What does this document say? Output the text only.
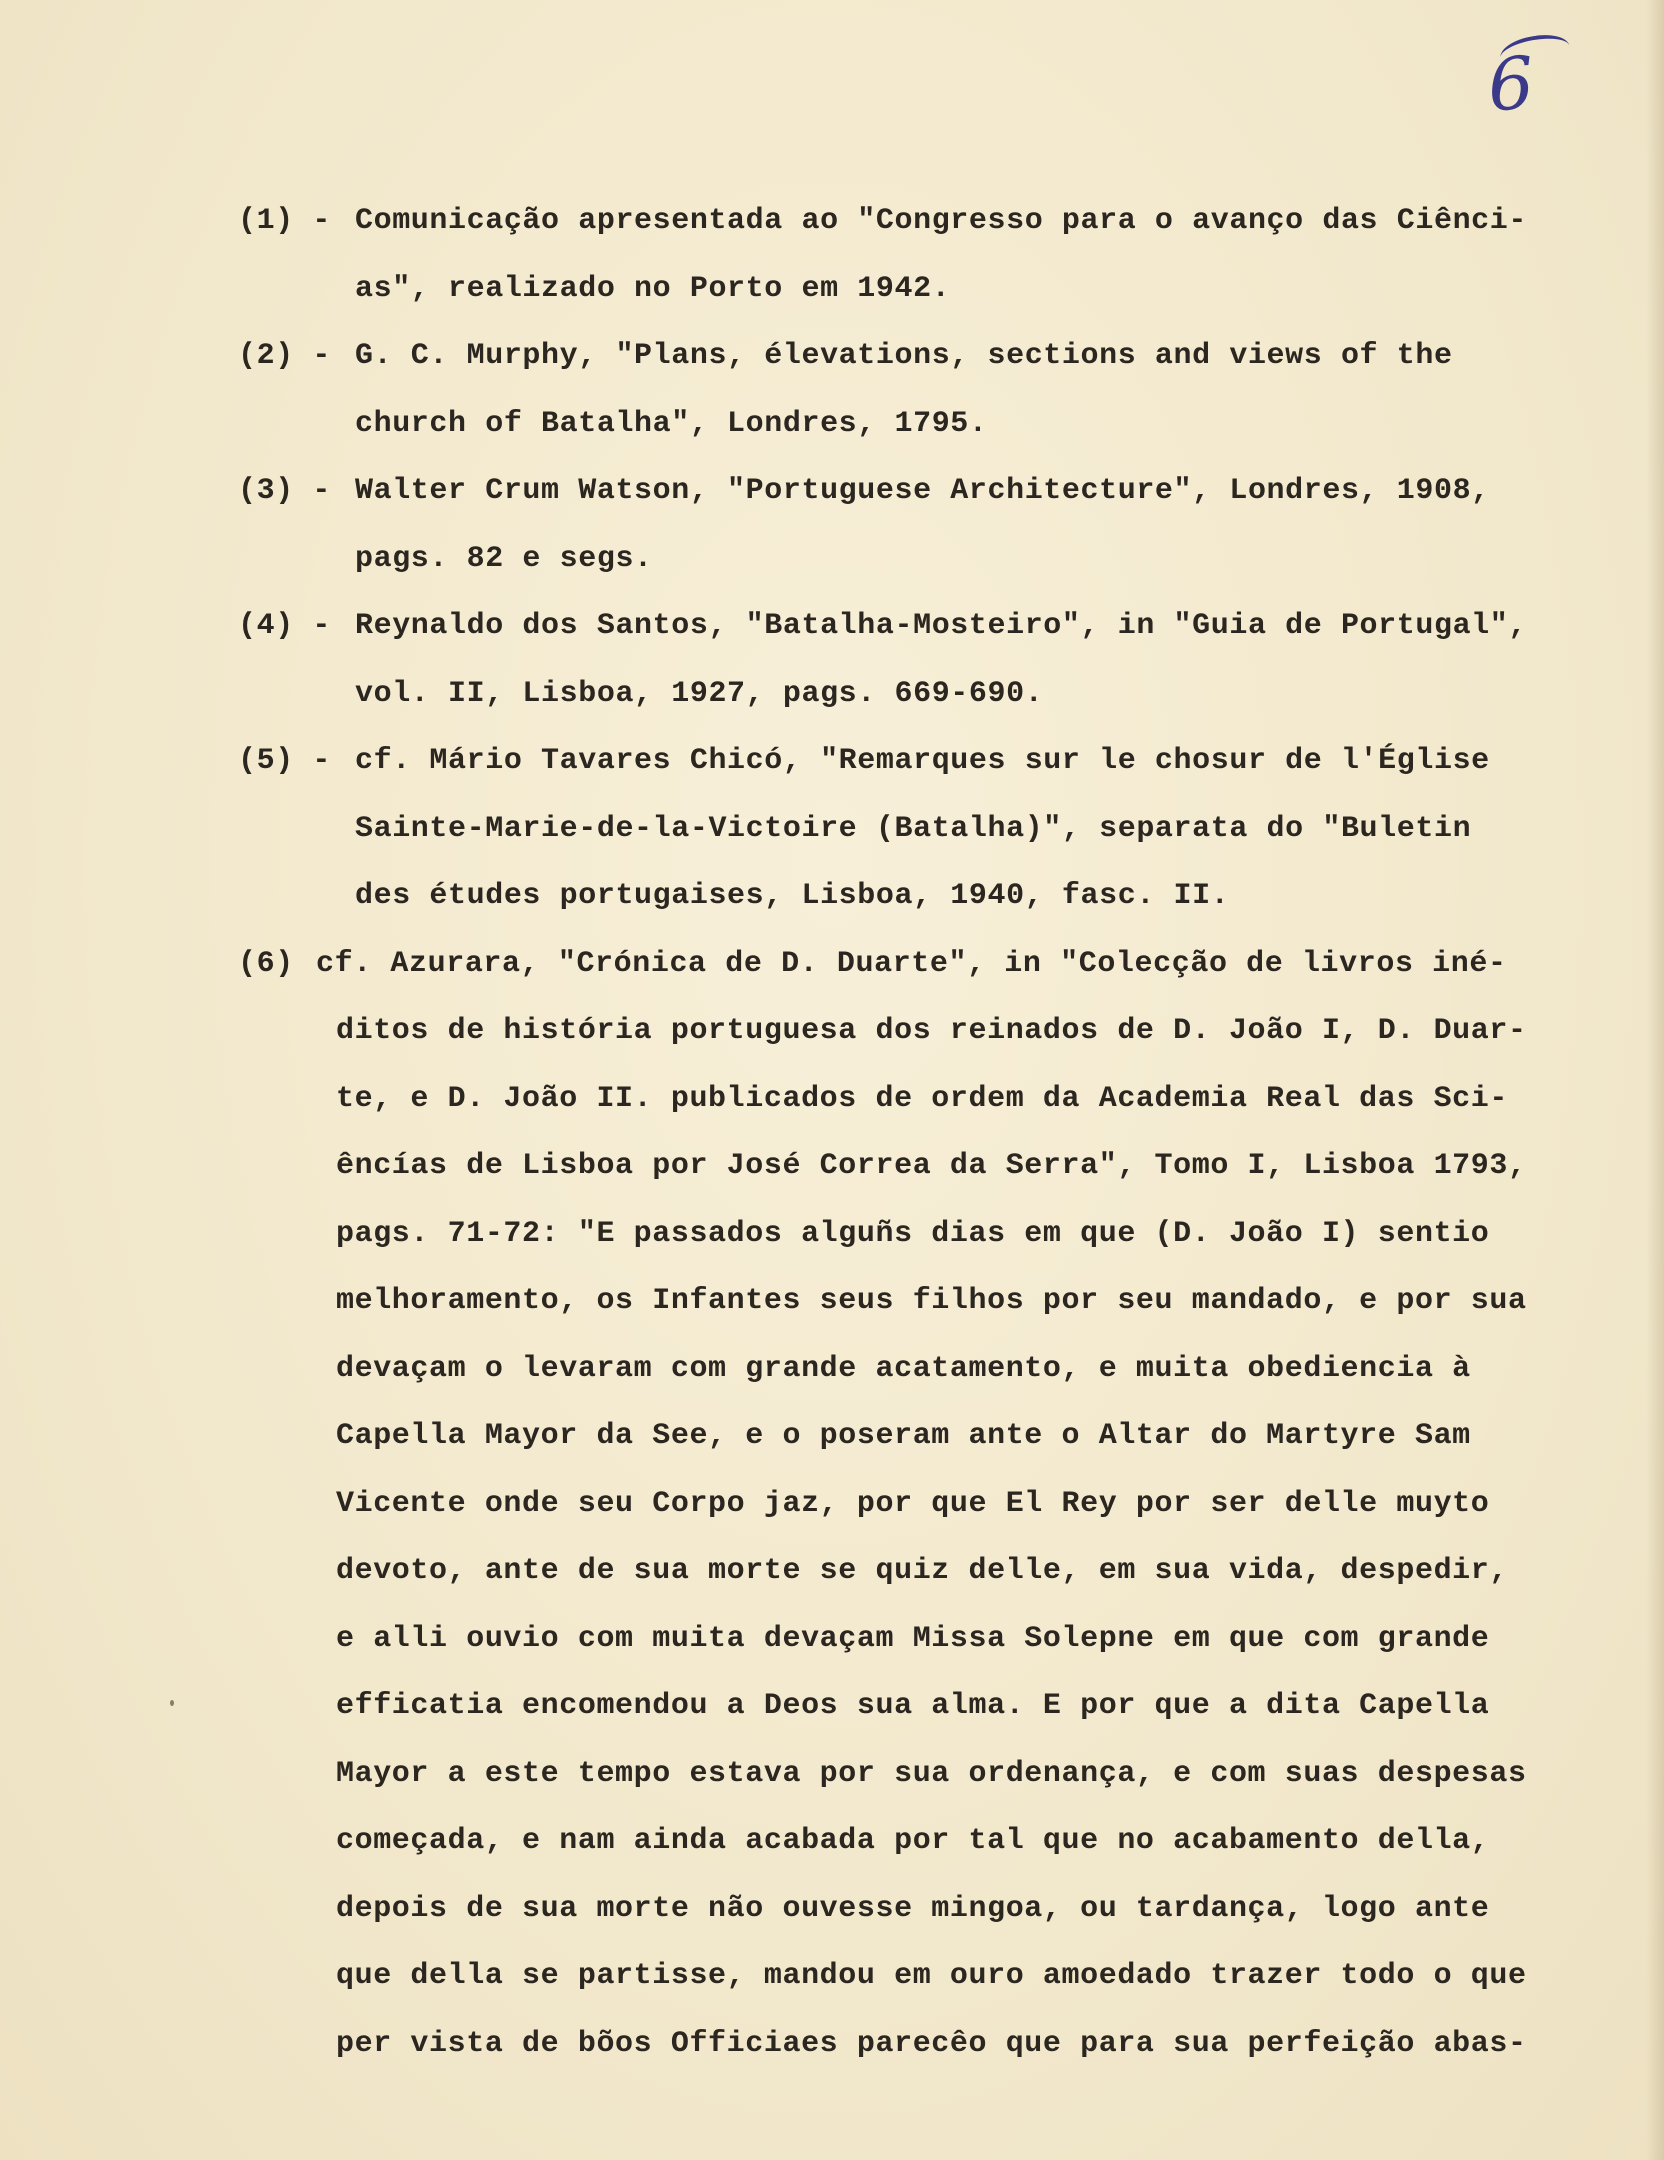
6
(1) - Comunicação apresentada ao "Congresso para o avanço das Ciênci-
as", realizado no Porto em 1942.
(2) - G. C. Murphy, "Plans, élevations, sections and views of the
church of Batalha", Londres, 1795.
(3) - Walter Crum Watson, "Portuguese Architecture", Londres, 1908,
pags. 82 e segs.
(4) - Reynaldo dos Santos, "Batalha-Mosteiro", in "Guia de Portugal",
vol. II, Lisboa, 1927, pags. 669-690.
(5) - cf. Mário Tavares Chicó, "Remarques sur le chosur de l'Église
Sainte-Marie-de-la-Victoire (Batalha)", separata do "Buletin
des études portugaises, Lisboa, 1940, fasc. II.
(6) cf. Azurara, "Crónica de D. Duarte", in "Colecção de livros iné-
ditos de história portuguesa dos reinados de D. João I, D. Duar-
te, e D. João II. publicados de ordem da Academia Real das Sci-
êncías de Lisboa por José Correa da Serra", Tomo I, Lisboa 1793,
pags. 71-72: "E passados alguñs dias em que (D. João I) sentio
melhoramento, os Infantes seus filhos por seu mandado, e por sua
devaçam o levaram com grande acatamento, e muita obediencia à
Capella Mayor da See, e o poseram ante o Altar do Martyre Sam
Vicente onde seu Corpo jaz, por que El Rey por ser delle muyto
devoto, ante de sua morte se quiz delle, em sua vida, despedir,
e alli ouvio com muita devaçam Missa Solepne em que com grande
efficatia encomendou a Deos sua alma. E por que a dita Capella
Mayor a este tempo estava por sua ordenança, e com suas despesas
começada, e nam ainda acabada por tal que no acabamento della,
depois de sua morte não ouvesse mingoa, ou tardança, logo ante
que della se partisse, mandou em ouro amoedado trazer todo o que
per vista de bõos Officiaes parecêo que para sua perfeição abas-
